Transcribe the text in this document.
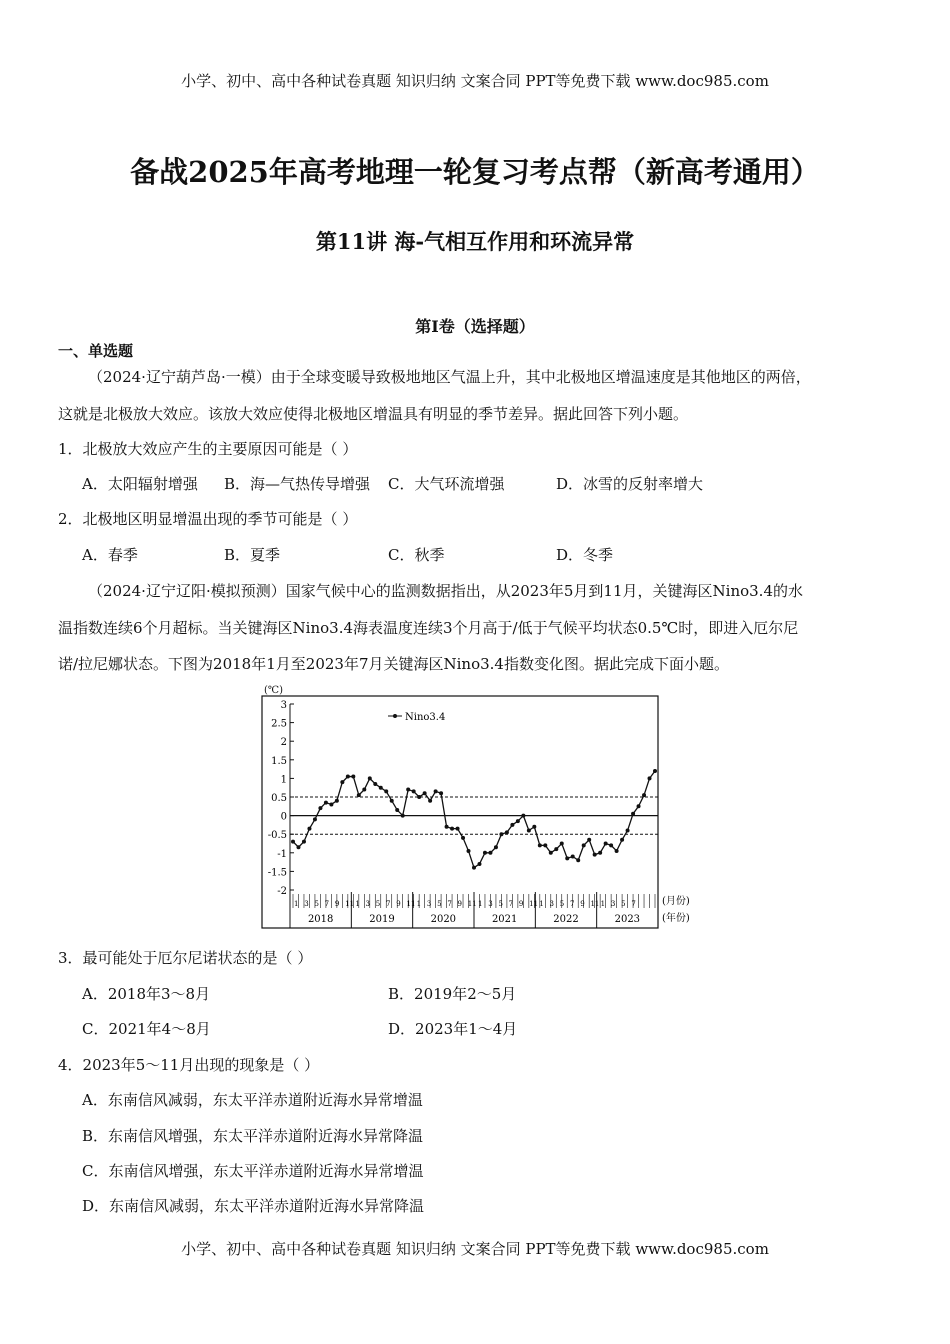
小学、初中、高中各种试卷真题 知识归纳 文案合同 PPT等免费下载 www.doc985.com
备战2025年高考地理一轮复习考点帮（新高考通用）
第11讲 海-气相互作用和环流异常
第I卷（选择题）
一、单选题
（2024·辽宁葫芦岛·一模）由于全球变暖导致极地地区气温上升，其中北极地区增温速度是其他地区的两倍，
这就是北极放大效应。该放大效应使得北极地区增温具有明显的季节差异。据此回答下列小题。
1．北极放大效应产生的主要原因可能是（ ）
A．太阳辐射增强 B．海—气热传导增强 C．大气环流增强	D．冰雪的反射率增大
2．北极地区明显增温出现的季节可能是（ ）
A．春季	B．夏季	C．秋季	D．冬季
（2024·辽宁辽阳·模拟预测）国家气候中心的监测数据指出，从2023年5月到11月，关键海区Nino3.4的水
温指数连续6个月超标。当关键海区Nino3.4海表温度连续3个月高于/低于气候平均状态0.5℃时，即进入厄尔尼
诺/拉尼娜状态。下图为2018年1月至2023年7月关键海区Nino3.4指数变化图。据此完成下面小题。
(℃)
3
2.5
2
1.5
1
0.5
0
-0.5
-1
-1.5
-2
Nino3.4
1 3 5 7 9 11
2018
1 3 5 7 9 11
2019
1 3 5 7 9 11
2020
1 3 5 7 9 11
2021
1 3 5 7 9 11
2022
1 3 5 7
2023
(月份)
(年份)
3．最可能处于厄尔尼诺状态的是（ ）
A．2018年3～8月	B．2019年2～5月
C．2021年4～8月	D．2023年1～4月
4．2023年5～11月出现的现象是（ ）
A．东南信风减弱，东太平洋赤道附近海水异常增温
B．东南信风增强，东太平洋赤道附近海水异常降温
C．东南信风增强，东太平洋赤道附近海水异常增温
D．东南信风减弱，东太平洋赤道附近海水异常降温
小学、初中、高中各种试卷真题 知识归纳 文案合同 PPT等免费下载 www.doc985.com
